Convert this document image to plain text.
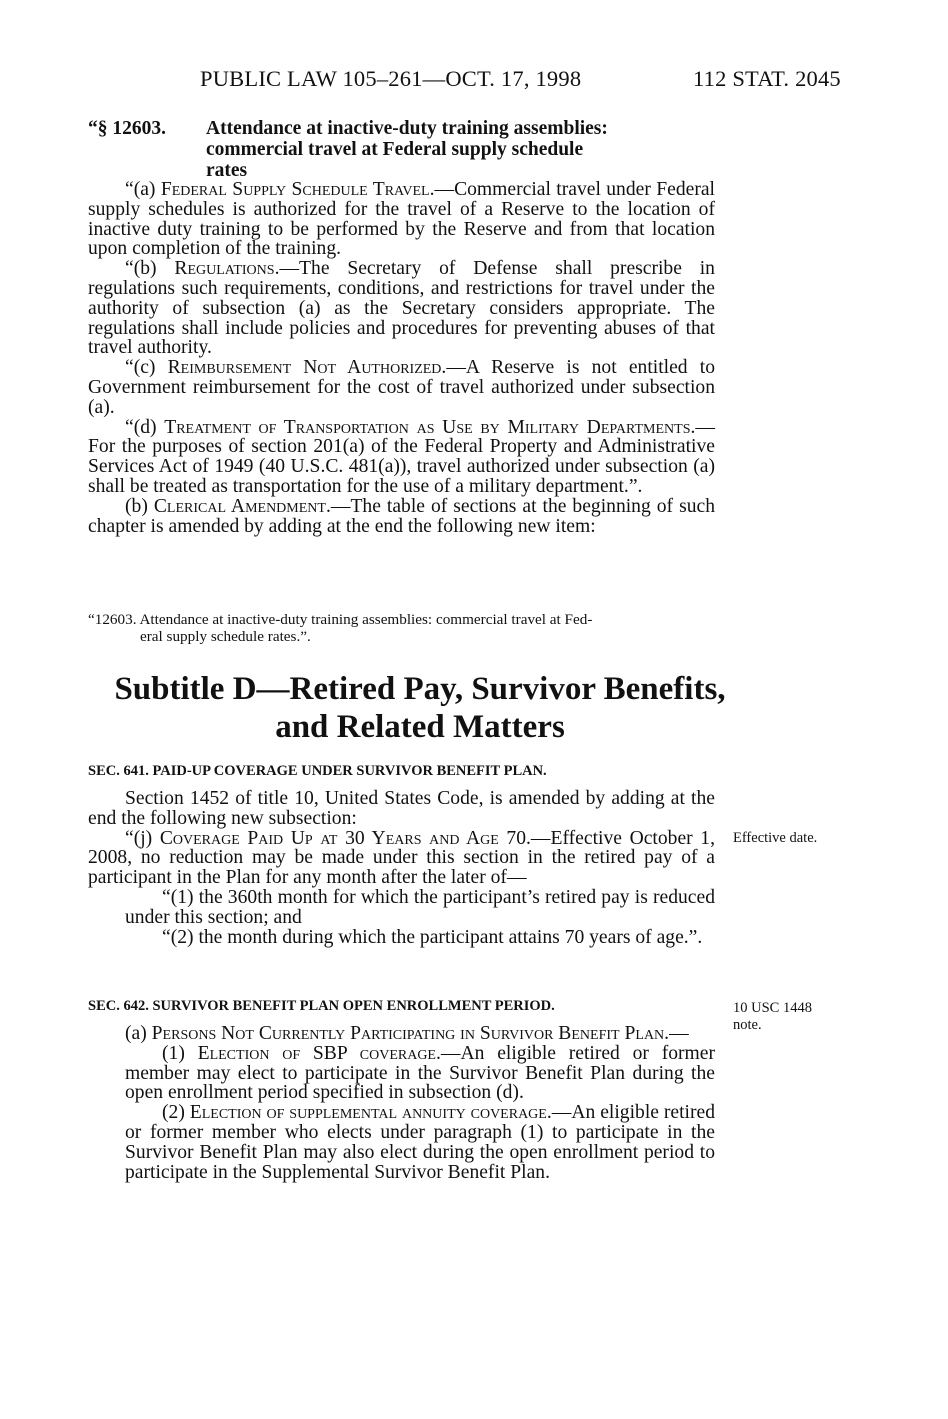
PUBLIC LAW 105–261—OCT. 17, 1998	112 STAT. 2045
“§ 12603. Attendance at inactive-duty training assemblies:
commercial travel at Federal supply schedule
rates

“(a) Federal Supply Schedule Travel.—Commercial travel under Federal supply schedules is authorized for the travel of a Reserve to the location of inactive duty training to be performed by the Reserve and from that location upon completion of the training.

“(b) Regulations.—The Secretary of Defense shall prescribe in regulations such requirements, conditions, and restrictions for travel under the authority of subsection (a) as the Secretary considers appropriate. The regulations shall include policies and procedures for preventing abuses of that travel authority.

“(c) Reimbursement Not Authorized.—A Reserve is not entitled to Government reimbursement for the cost of travel authorized under subsection (a).

“(d) Treatment of Transportation as Use by Military Departments.—For the purposes of section 201(a) of the Federal Property and Administrative Services Act of 1949 (40 U.S.C. 481(a)), travel authorized under subsection (a) shall be treated as transportation for the use of a military department.”.

(b) Clerical Amendment.—The table of sections at the beginning of such chapter is amended by adding at the end the following new item:

“12603. Attendance at inactive-duty training assemblies: commercial travel at Fed-
eral supply schedule rates.”.
Subtitle D—Retired Pay, Survivor Benefits,
and Related Matters
SEC. 641. PAID-UP COVERAGE UNDER SURVIVOR BENEFIT PLAN.

Section 1452 of title 10, United States Code, is amended by adding at the end the following new subsection:

“(j) Coverage Paid Up at 30 Years and Age 70.—Effective October 1, 2008, no reduction may be made under this section in the retired pay of a participant in the Plan for any month after the later of—

“(1) the 360th month for which the participant’s retired pay is reduced under this section; and

“(2) the month during which the participant attains 70 years of age.”.

Effective date.
SEC. 642. SURVIVOR BENEFIT PLAN OPEN ENROLLMENT PERIOD.	10 USC 1448
note.

(a) Persons Not Currently Participating in Survivor Benefit Plan.—

(1) Election of SBP coverage.—An eligible retired or former member may elect to participate in the Survivor Benefit Plan during the open enrollment period specified in subsection (d).

(2) Election of supplemental annuity coverage.—An eligible retired or former member who elects under paragraph (1) to participate in the Survivor Benefit Plan may also elect during the open enrollment period to participate in the Supplemental Survivor Benefit Plan.
